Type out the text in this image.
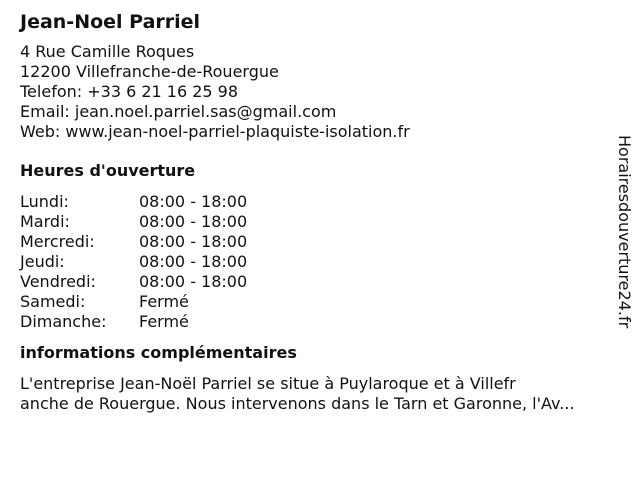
Jean-Noel Parriel
4 Rue Camille Roques
12200 Villefranche-de-Rouergue
Telefon: +33 6 21 16 25 98
Email: jean.noel.parriel.sas@gmail.com
Web: www.jean-noel-parriel-plaquiste-isolation.fr
Heures d'ouverture
Lundi:	08:00 - 18:00
Mardi:	08:00 - 18:00
Mercredi:	08:00 - 18:00
Jeudi:	08:00 - 18:00
Vendredi:	08:00 - 18:00
Samedi:	Fermé
Dimanche:	Fermé
informations complémentaires
L'entreprise Jean-Noël Parriel se situe à Puylaroque et à Villefr
anche de Rouergue. Nous intervenons dans le Tarn et Garonne, l'Av...
Horairesdouverture24.fr
